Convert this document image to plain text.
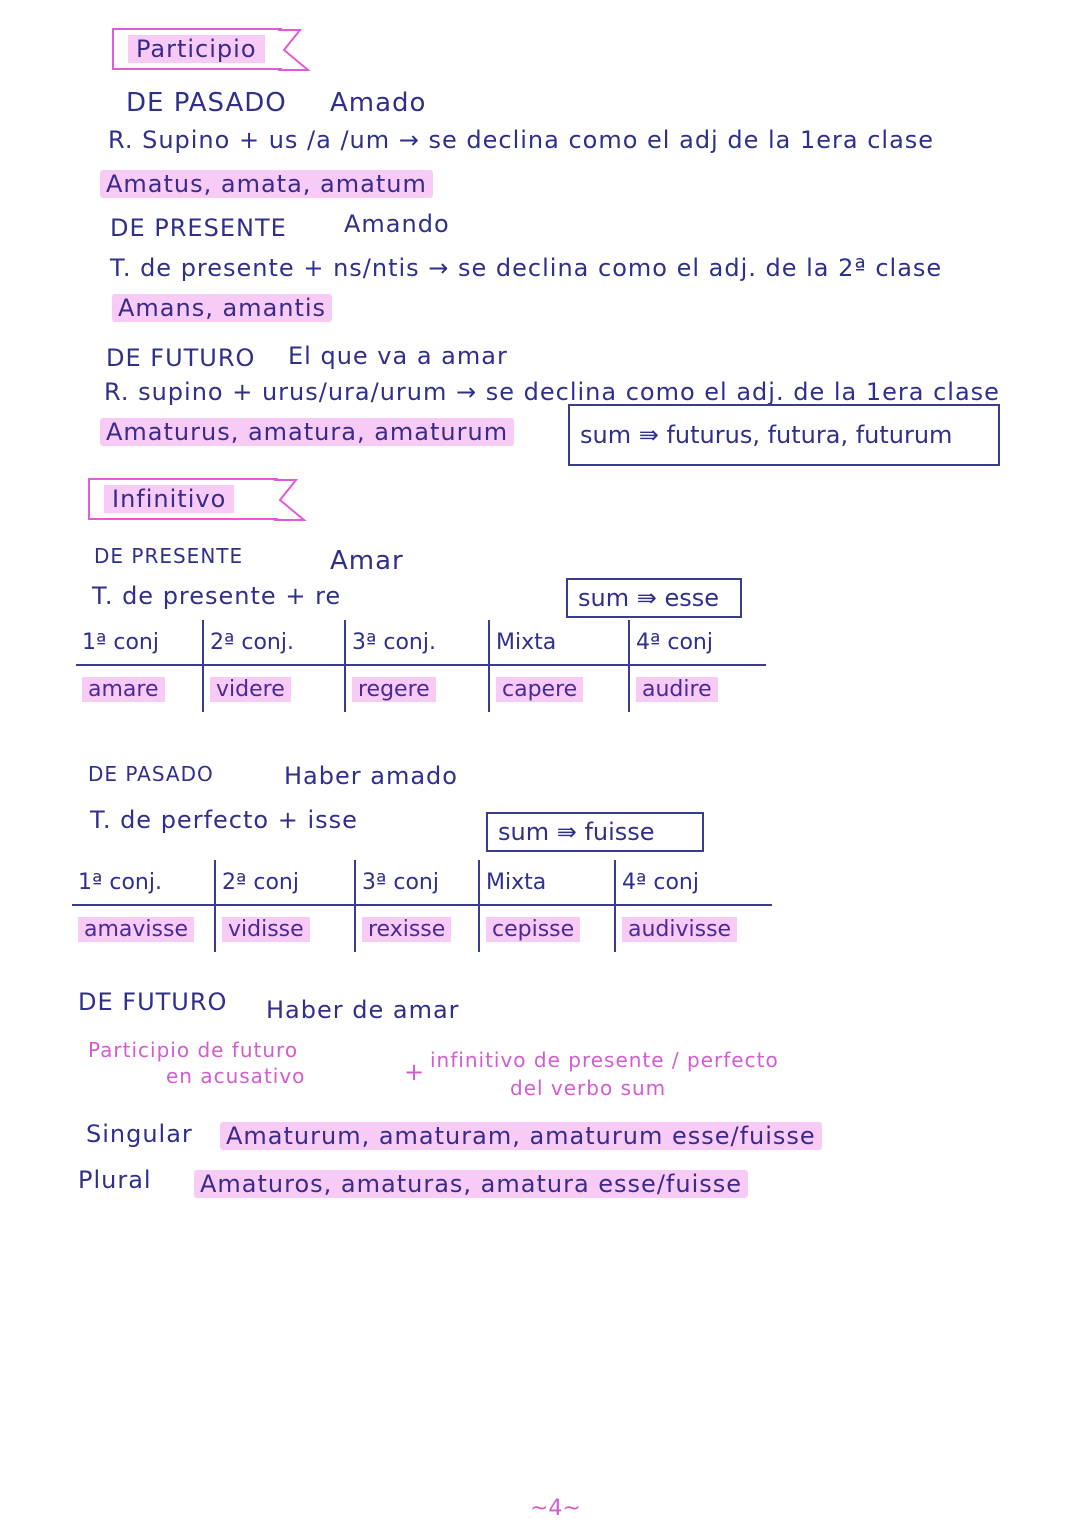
Participio
DE PASADO Amado
R. Supino + us /a /um → se declina como el adj de la 1era clase
Amatus, amata, amatum
DE PRESENTE Amando
T. de presente + ns/ntis → se declina como el adj. de la 2ª clase
Amans, amantis
DE FUTURO El que va a amar
R. supino + urus/ura/urum → se declina como el adj. de la 1era clase
Amaturus, amatura, amaturum	sum ⇛ futurus, futura, futurum
Infinitivo
DE PRESENTE	Amar
T. de presente + re	sum ⇛ esse
1ª conj	2ª conj.	3ª conj.	Mixta	4ª conj
amare	videre	regere	capere	audire
DE PASADO	Haber amado
T. de perfecto + isse	sum ⇛ fuisse
1ª conj.	2ª conj	3ª conj	Mixta	4ª conj
amavisse vidisse	rexisse cepisse audivisse
DE FUTURO Haber de amar
Participio de futuro
en acusativo	+ infinitivo de presente / perfecto
del verbo sum
Singular Amaturum, amaturam, amaturum esse/fuisse
Plural Amaturos, amaturas, amatura esse/fuisse
~4~
